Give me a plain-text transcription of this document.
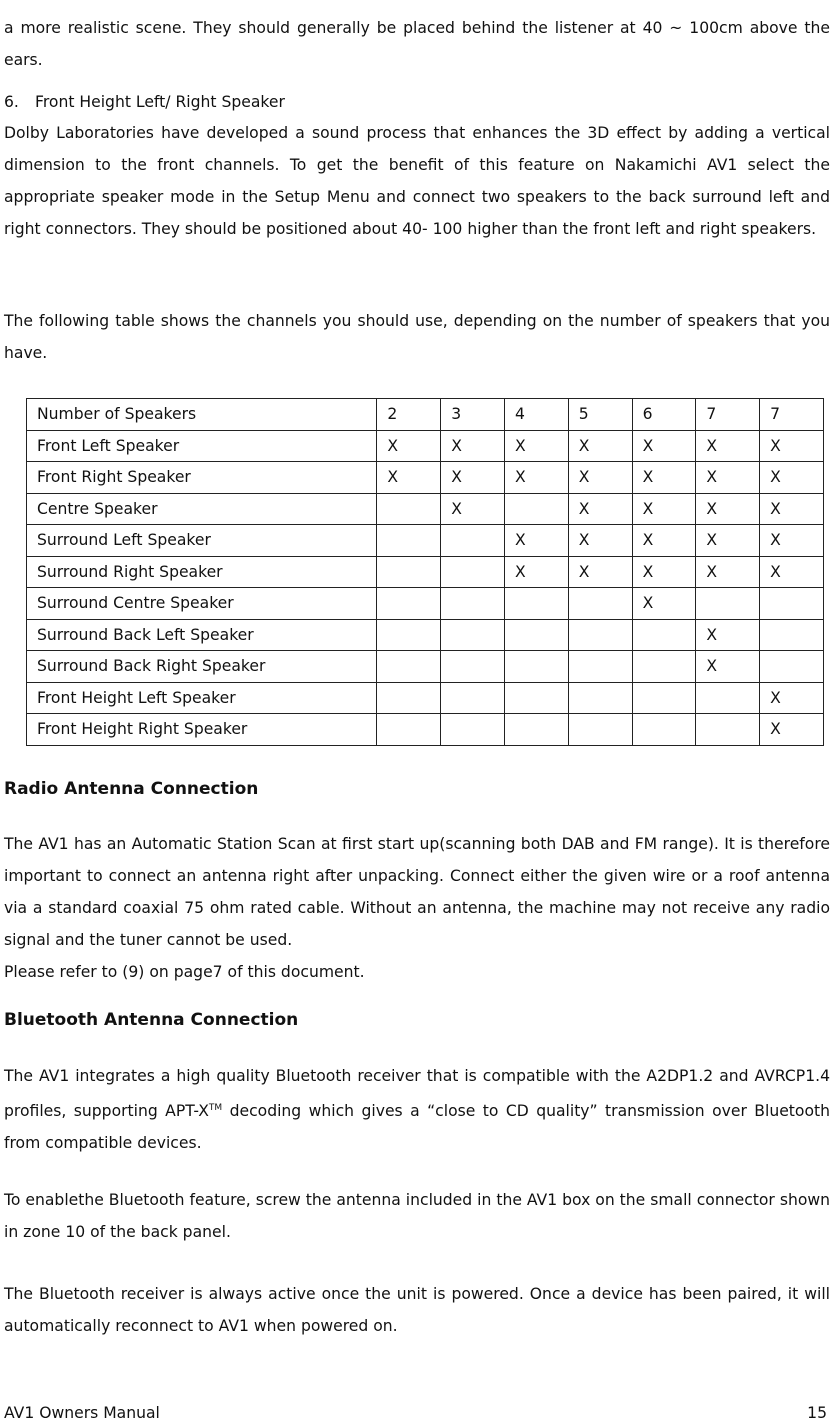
a more realistic scene. They should generally be placed behind the listener at 40 ~ 100cm above the ears.

6. Front Height Left/ Right Speaker

Dolby Laboratories have developed a sound process that enhances the 3D effect by adding a vertical dimension to the front channels. To get the benefit of this feature on Nakamichi AV1 select the appropriate speaker mode in the Setup Menu and connect two speakers to the back surround left and right connectors. They should be positioned about 40- 100 higher than the front left and right speakers.

The following table shows the channels you should use, depending on the number of speakers that you have.

Number of Speakers	2	3	4	5	6	7	7
Front Left Speaker	X	X	X	X	X	X	X
Front Right Speaker	X	X	X	X	X	X	X
Centre Speaker		X		X	X	X	X
Surround Left Speaker			X	X	X	X	X
Surround Right Speaker			X	X	X	X	X
Surround Centre Speaker					X		
Surround Back Left Speaker						X	
Surround Back Right Speaker						X	
Front Height Left Speaker							X
Front Height Right Speaker							X

Radio Antenna Connection

The AV1 has an Automatic Station Scan at first start up(scanning both DAB and FM range). It is therefore important to connect an antenna right after unpacking. Connect either the given wire or a roof antenna via a standard coaxial 75 ohm rated cable. Without an antenna, the machine may not receive any radio signal and the tuner cannot be used.

Please refer to (9) on page7 of this document.

Bluetooth Antenna Connection

The AV1 integrates a high quality Bluetooth receiver that is compatible with the A2DP1.2 and AVRCP1.4 profiles, supporting APT-X™ decoding which gives a “close to CD quality” transmission over Bluetooth from compatible devices.

To enablethe Bluetooth feature, screw the antenna included in the AV1 box on the small connector shown in zone 10 of the back panel.

The Bluetooth receiver is always active once the unit is powered. Once a device has been paired, it will automatically reconnect to AV1 when powered on.

AV1 Owners Manual	15
